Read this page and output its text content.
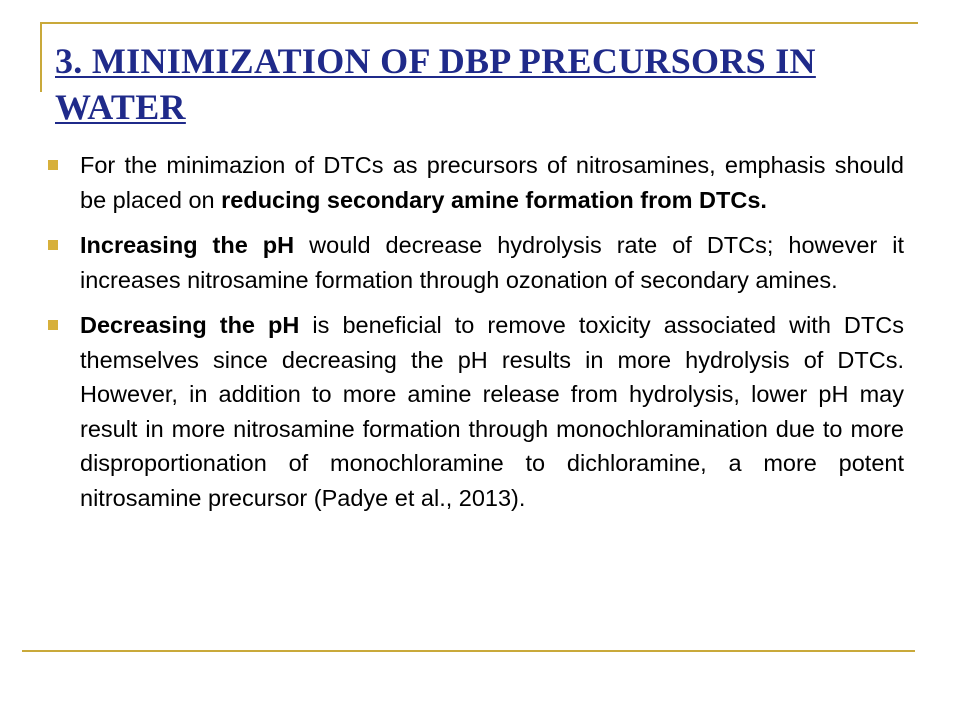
3. MINIMIZATION OF DBP PRECURSORS IN WATER
For the minimazion of DTCs as precursors of nitrosamines, emphasis should be placed on reducing secondary amine formation from DTCs.
Increasing the pH would decrease hydrolysis rate of DTCs; however it increases nitrosamine formation through ozonation of secondary amines.
Decreasing the pH is beneficial to remove toxicity associated with DTCs themselves since decreasing the pH results in more hydrolysis of DTCs. However, in addition to more amine release from hydrolysis, lower pH may result in more nitrosamine formation through monochloramination due to more disproportionation of monochloramine to dichloramine, a more potent nitrosamine precursor (Padye et al., 2013).
